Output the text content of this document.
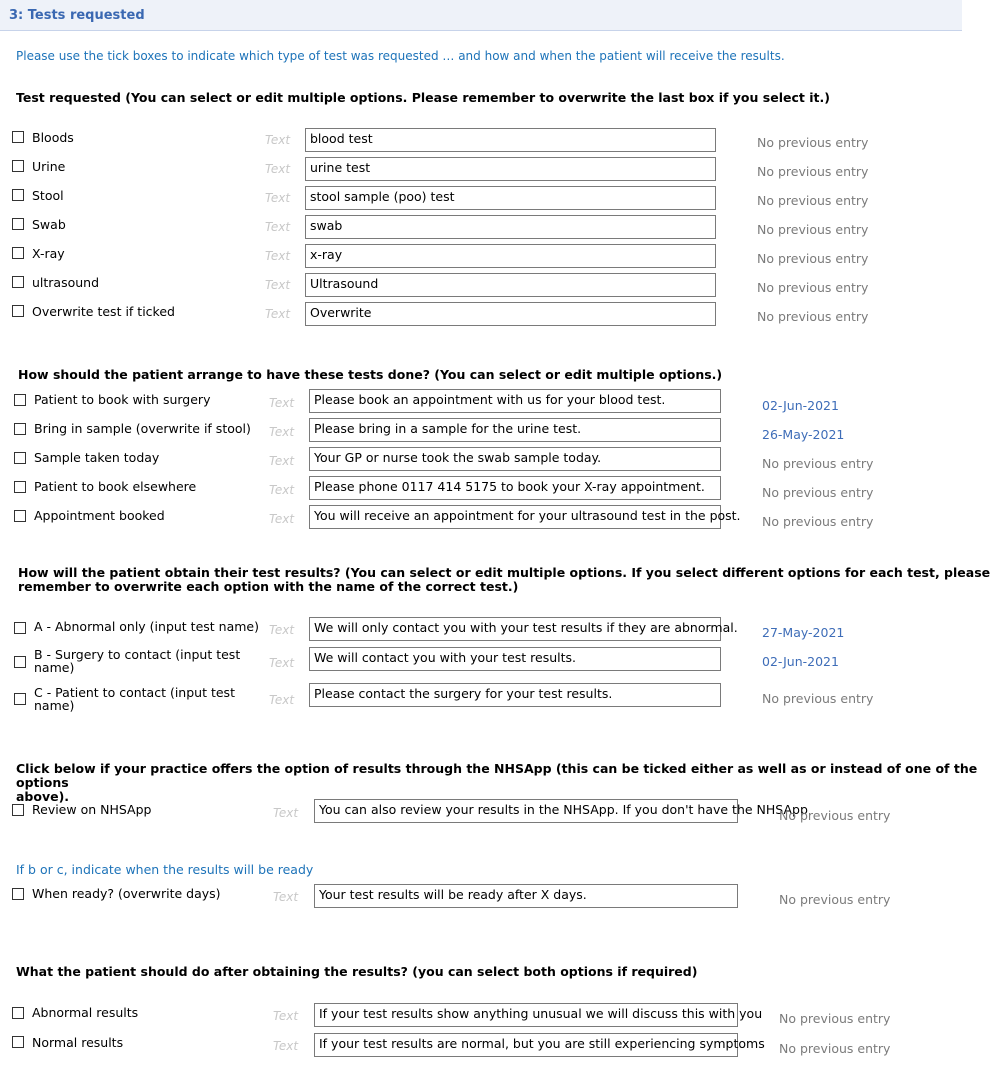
3: Tests requested
Please use the tick boxes to indicate which type of test was requested … and how and when the patient will receive the results.
Test requested (You can select or edit multiple options. Please remember to overwrite the last box if you select it.)
Bloods	Text	blood test	No previous entry
Urine	Text	urine test	No previous entry
Stool	Text	stool sample (poo) test	No previous entry
Swab	Text	swab	No previous entry
X-ray	Text	x-ray	No previous entry
ultrasound	Text	Ultrasound	No previous entry
Overwrite test if ticked	Text	Overwrite	No previous entry
How should the patient arrange to have these tests done? (You can select or edit multiple options.)
Patient to book with surgery	Text	Please book an appointment with us for your blood test.	02-Jun-2021
Bring in sample (overwrite if stool) Text	Please bring in a sample for the urine test.	26-May-2021
Sample taken today	Text	Your GP or nurse took the swab sample today.	No previous entry
Patient to book elsewhere	Text	Please phone 0117 414 5175 to book your X-ray appointment.	No previous entry
Appointment booked	Text	You will receive an appointment for your ultrasound test in the post. No previous entry
How will the patient obtain their test results? (You can select or edit multiple options. If you select different options for each test, please
remember to overwrite each option with the name of the correct test.)
A - Abnormal only (input test name) Text	We will only contact you with your test results if they are abnormal. 27-May-2021
B - Surgery to contact (input test
name)	Text	We will contact you with your test results.	02-Jun-2021
C - Patient to contact (input test
name)	Text	Please contact the surgery for your test results.	No previous entry
Click below if your practice offers the option of results through the NHSApp (this can be ticked either as well as or instead of one of the options
above).
Review on NHSApp	Text	You can also review your results in the NHSApp. If you don't have the NHSApp
No previous entry
If b or c, indicate when the results will be ready
When ready? (overwrite days)	Text	Your test results will be ready after X days.	No previous entry
What the patient should do after obtaining the results? (you can select both options if required)
Abnormal results	Text	If your test results show anything unusual we will discuss this with you No previous entry
Normal results	Text	If your test results are normal, but you are still experiencing symptoms No previous entry
